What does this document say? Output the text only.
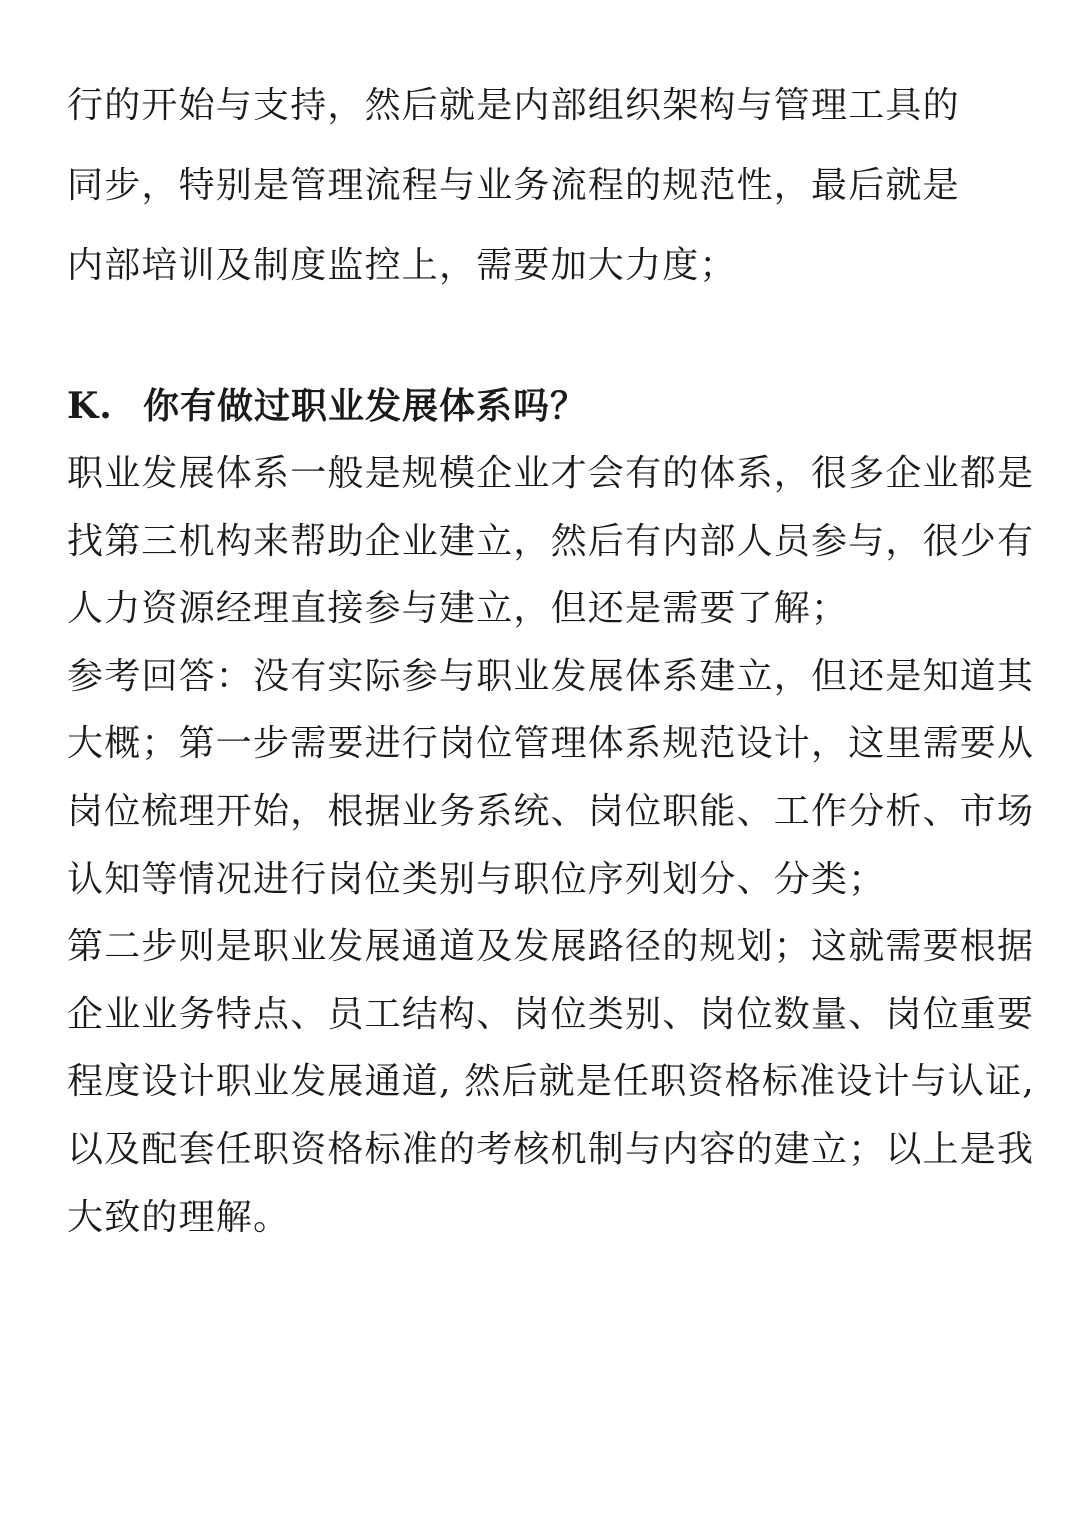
行的开始与支持，然后就是内部组织架构与管理工具的
同步，特别是管理流程与业务流程的规范性，最后就是
内部培训及制度监控上，需要加大力度；
K. 你有做过职业发展体系吗？
职业发展体系一般是规模企业才会有的体系，很多企业都是
找第三机构来帮助企业建立，然后有内部人员参与，很少有
人力资源经理直接参与建立，但还是需要了解；
参考回答：没有实际参与职业发展体系建立，但还是知道其
大概；第一步需要进行岗位管理体系规范设计，这里需要从
岗位梳理开始，根据业务系统、岗位职能、工作分析、市场
认知等情况进行岗位类别与职位序列划分、分类；
第二步则是职业发展通道及发展路径的规划；这就需要根据
企业业务特点、员工结构、岗位类别、岗位数量、岗位重要
程度设计职业发展通道, 然后就是任职资格标准设计与认证,
以及配套任职资格标准的考核机制与内容的建立；以上是我
大致的理解。
